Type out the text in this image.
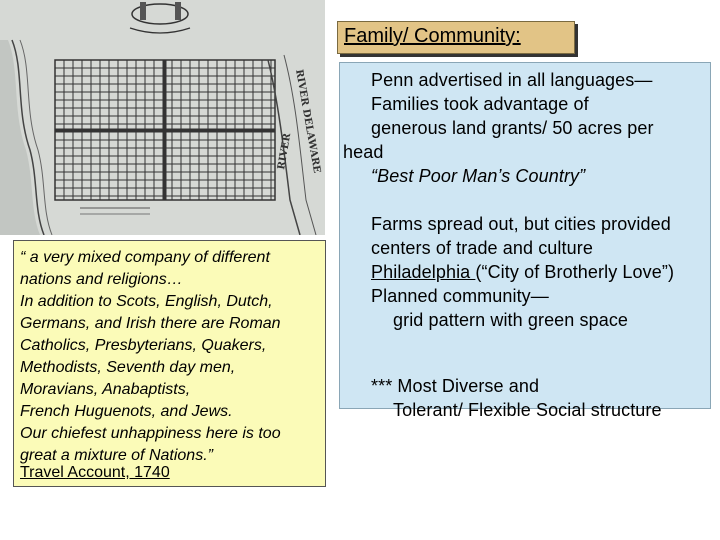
RIVER DELAWARE
RIVER
Family/ Community:
Penn advertised in all languages—
Families took advantage of
generous land grants/ 50 acres per
head
“Best Poor Man’s Country”
Farms spread out, but cities provided
centers of trade and culture
Philadelphia (“City of Brotherly Love”)
Planned community—
grid pattern with green space
*** Most Diverse and
Tolerant/ Flexible Social structure
“ a very mixed company of different
nations and religions…
In addition to Scots, English, Dutch,
Germans, and Irish there are Roman
Catholics, Presbyterians, Quakers,
Methodists, Seventh day men,
Moravians, Anabaptists,
French Huguenots, and Jews.
Our chiefest unhappiness here is too
great a mixture of Nations.”
Travel Account, 1740
